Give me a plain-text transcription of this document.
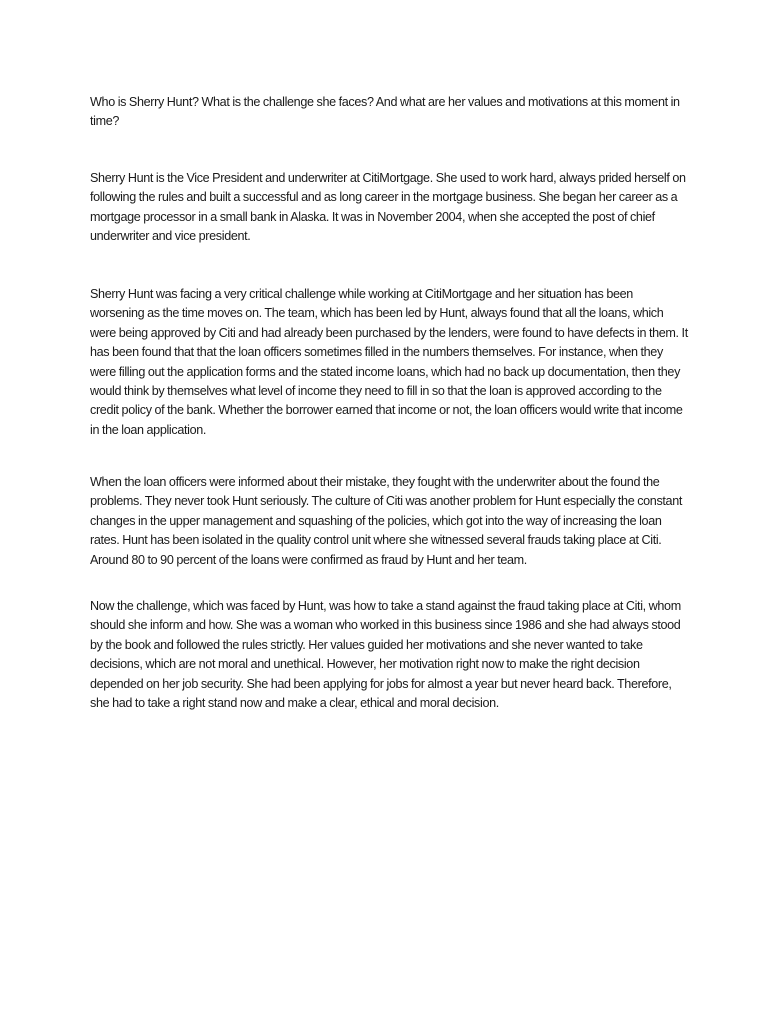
Who is Sherry Hunt? What is the challenge she faces? And what are her values and motivations at this moment in time?

Sherry Hunt is the Vice President and underwriter at CitiMortgage. She used to work hard, always prided herself on following the rules and built a successful and as long career in the mortgage business. She began her career as a mortgage processor in a small bank in Alaska. It was in November 2004, when she accepted the post of chief underwriter and vice president.

Sherry Hunt was facing a very critical challenge while working at CitiMortgage and her situation has been worsening as the time moves on. The team, which has been led by Hunt, always found that all the loans, which were being approved by Citi and had already been purchased by the lenders, were found to have defects in them. It has been found that that the loan officers sometimes filled in the numbers themselves. For instance, when they were filling out the application forms and the stated income loans, which had no back up documentation, then they would think by themselves what level of income they need to fill in so that the loan is approved according to the credit policy of the bank. Whether the borrower earned that income or not, the loan officers would write that income in the loan application.

When the loan officers were informed about their mistake, they fought with the underwriter about the found the problems. They never took Hunt seriously. The culture of Citi was another problem for Hunt especially the constant changes in the upper management and squashing of the policies, which got into the way of increasing the loan rates. Hunt has been isolated in the quality control unit where she witnessed several frauds taking place at Citi. Around 80 to 90 percent of the loans were confirmed as fraud by Hunt and her team.

Now the challenge, which was faced by Hunt, was how to take a stand against the fraud taking place at Citi, whom should she inform and how. She was a woman who worked in this business since 1986 and she had always stood by the book and followed the rules strictly. Her values guided her motivations and she never wanted to take decisions, which are not moral and unethical. However, her motivation right now to make the right decision depended on her job security. She had been applying for jobs for almost a year but never heard back. Therefore, she had to take a right stand now and make a clear, ethical and moral decision.
